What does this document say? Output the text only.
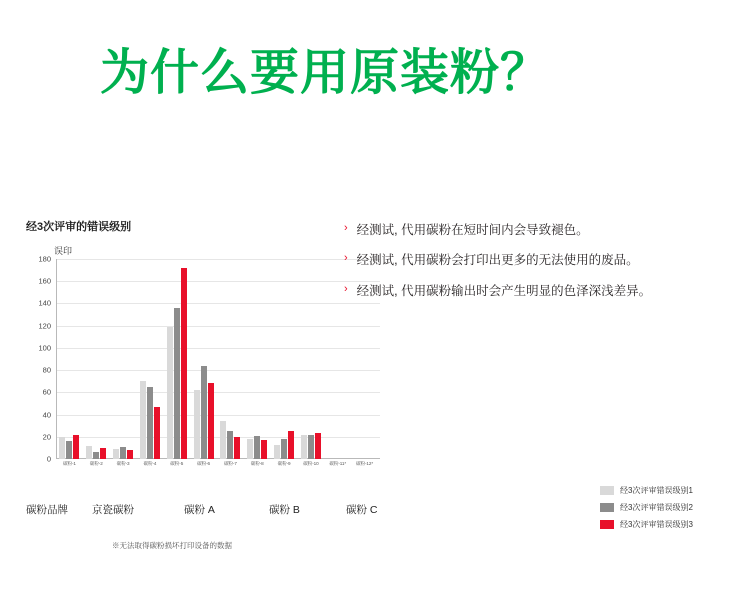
为什么要用原装粉？
经3次评审的错误级别
误印
180
160
140
120
100
80
60
40
20
0
碳粉-1	碳粉-2	碳粉-3	碳粉-4	碳粉-5	碳粉-6	碳粉-7	碳粉-8	碳粉-9	碳粉-10	碳粉-11*	碳粉-12*
碳粉品牌 京瓷碳粉	碳粉 A	碳粉 B	碳粉 C
※无法取得碳粉损坏打印设备的数据
› 经测试, 代用碳粉在短时间内会导致褪色。
› 经测试, 代用碳粉会打印出更多的无法使用的废品。
› 经测试, 代用碳粉输出时会产生明显的色泽深浅差异。
经3次评审错误级别1
经3次评审错误级别2
经3次评审错误级别3
